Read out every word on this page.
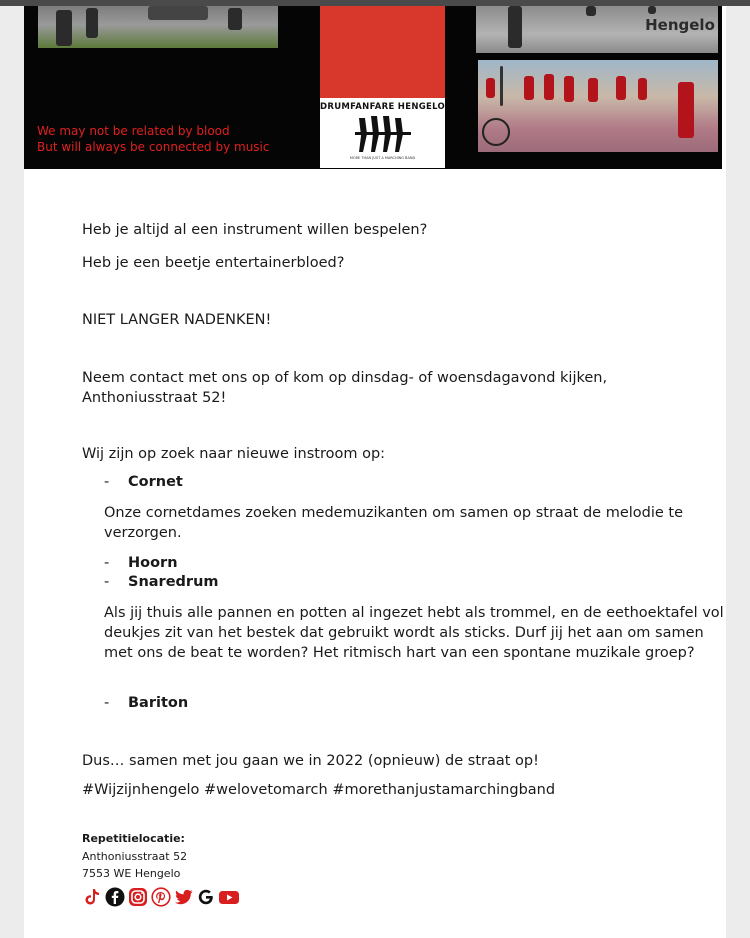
DRUMFANFARE HENGELO
MORE THAN JUST A MARCHING BAND
Hengelo
We may not be related by blood
But will always be connected by music
Heb je altijd al een instrument willen bespelen?
Heb je een beetje entertainerbloed?
NIET LANGER NADENKEN!
Neem contact met ons op of kom op dinsdag- of woensdagavond kijken, Anthoniusstraat 52!
Wij zijn op zoek naar nieuwe instroom op:
- Cornet
Onze cornetdames zoeken medemuzikanten om samen op straat de melodie te verzorgen.
- Hoorn
- Snaredrum
Als jij thuis alle pannen en potten al ingezet hebt als trommel, en de eethoektafel vol deukjes zit van het bestek dat gebruikt wordt als sticks. Durf jij het aan om samen met ons de beat te worden? Het ritmisch hart van een spontane muzikale groep?
- Bariton
Dus… samen met jou gaan we in 2022 (opnieuw) de straat op!
#Wijzijnhengelo #welovetomarch #morethanjustamarchingband
Repetitielocatie:
Anthoniusstraat 52
7553 WE Hengelo
